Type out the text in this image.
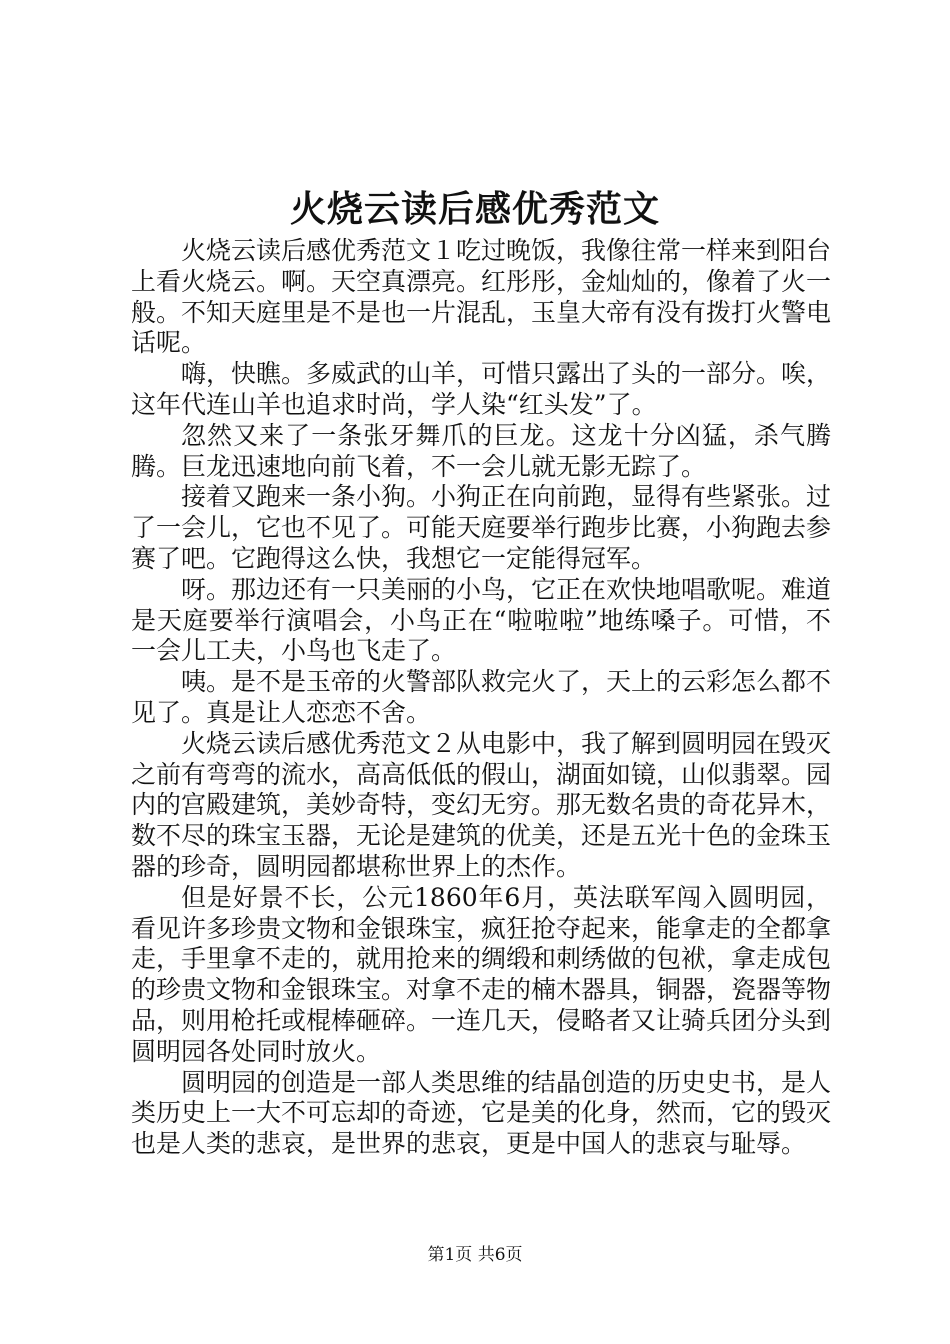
火烧云读后感优秀范文

火烧云读后感优秀范文１吃过晚饭，我像往常一样来到阳台上看火烧云。啊。天空真漂亮。红彤彤，金灿灿的，像着了火一般。不知天庭里是不是也一片混乱，玉皇大帝有没有拨打火警电话呢。

嗨，快瞧。多威武的山羊，可惜只露出了头的一部分。唉，这年代连山羊也追求时尚，学人染“红头发”了。

忽然又来了一条张牙舞爪的巨龙。这龙十分凶猛，杀气腾腾。巨龙迅速地向前飞着，不一会儿就无影无踪了。

接着又跑来一条小狗。小狗正在向前跑，显得有些紧张。过了一会儿，它也不见了。可能天庭要举行跑步比赛，小狗跑去参赛了吧。它跑得这么快，我想它一定能得冠军。

呀。那边还有一只美丽的小鸟，它正在欢快地唱歌呢。难道是天庭要举行演唱会，小鸟正在“啦啦啦”地练嗓子。可惜，不一会儿工夫，小鸟也飞走了。

咦。是不是玉帝的火警部队救完火了，天上的云彩怎么都不见了。真是让人恋恋不舍。

火烧云读后感优秀范文２从电影中，我了解到圆明园在毁灭之前有弯弯的流水，高高低低的假山，湖面如镜，山似翡翠。园内的宫殿建筑，美妙奇特，变幻无穷。那无数名贵的奇花异木，数不尽的珠宝玉器，无论是建筑的优美，还是五光十色的金珠玉器的珍奇，圆明园都堪称世界上的杰作。

但是好景不长，公元1860年6月，英法联军闯入圆明园，看见许多珍贵文物和金银珠宝，疯狂抢夺起来，能拿走的全都拿走，手里拿不走的，就用抢来的绸缎和刺绣做的包袱，拿走成包的珍贵文物和金银珠宝。对拿不走的楠木器具，铜器，瓷器等物品，则用枪托或棍棒砸碎。一连几天，侵略者又让骑兵团分头到圆明园各处同时放火。

圆明园的创造是一部人类思维的结晶创造的历史史书，是人类历史上一大不可忘却的奇迹，它是美的化身，然而，它的毁灭也是人类的悲哀，是世界的悲哀，更是中国人的悲哀与耻辱。

第1页 共6页
